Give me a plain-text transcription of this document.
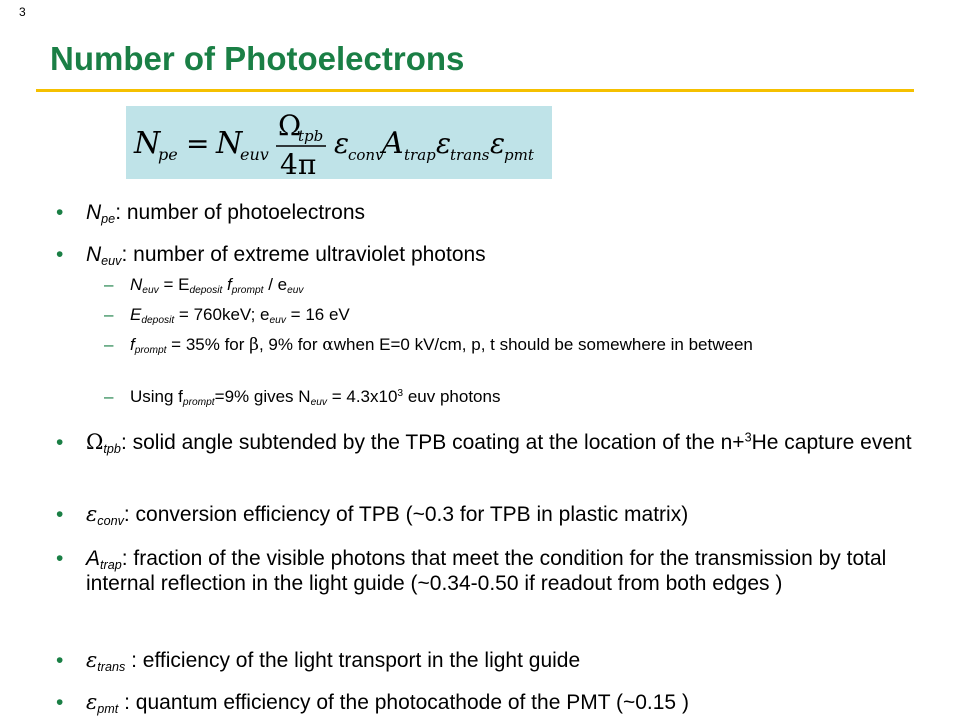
3
Number of Photoelectrons
N
pe = N
euv
Ω
tpb
4π
ε
conv
A trap ε
trans ε
pmt
• $N_{pe}$: number of photoelectrons
• $N_{euv}$: number of extreme ultraviolet photons
– $N_{euv} = E_{deposit}$ $f_{prompt} / e_{euv}$
– $E_{deposit} = 760keV$; $e_{euv} = 16$ eV
– $f_{prompt} = 35\%$ for β, 9% for αwhen E=0 kV/cm, p, t should be somewhere in between
– Using $f_{prompt}=9\%$ gives $N_{euv} = 4.3x10^3$ euv photons
• $\Omega_{tpb}$: solid angle subtended by the TPB coating at the location of the n+$^3$He capture event
• $\varepsilon_{conv}$: conversion efficiency of TPB (~0.3 for TPB in plastic matrix)
• $A_{trap}$: fraction of the visible photons that meet the condition for the transmission by total internal reflection in the light guide (~0.34-0.50 if readout from both edges )
• $\varepsilon_{trans}$ : efficiency of the light transport in the light guide
• $\varepsilon_{pmt}$ : quantum efficiency of the photocathode of the PMT (~0.15 )
